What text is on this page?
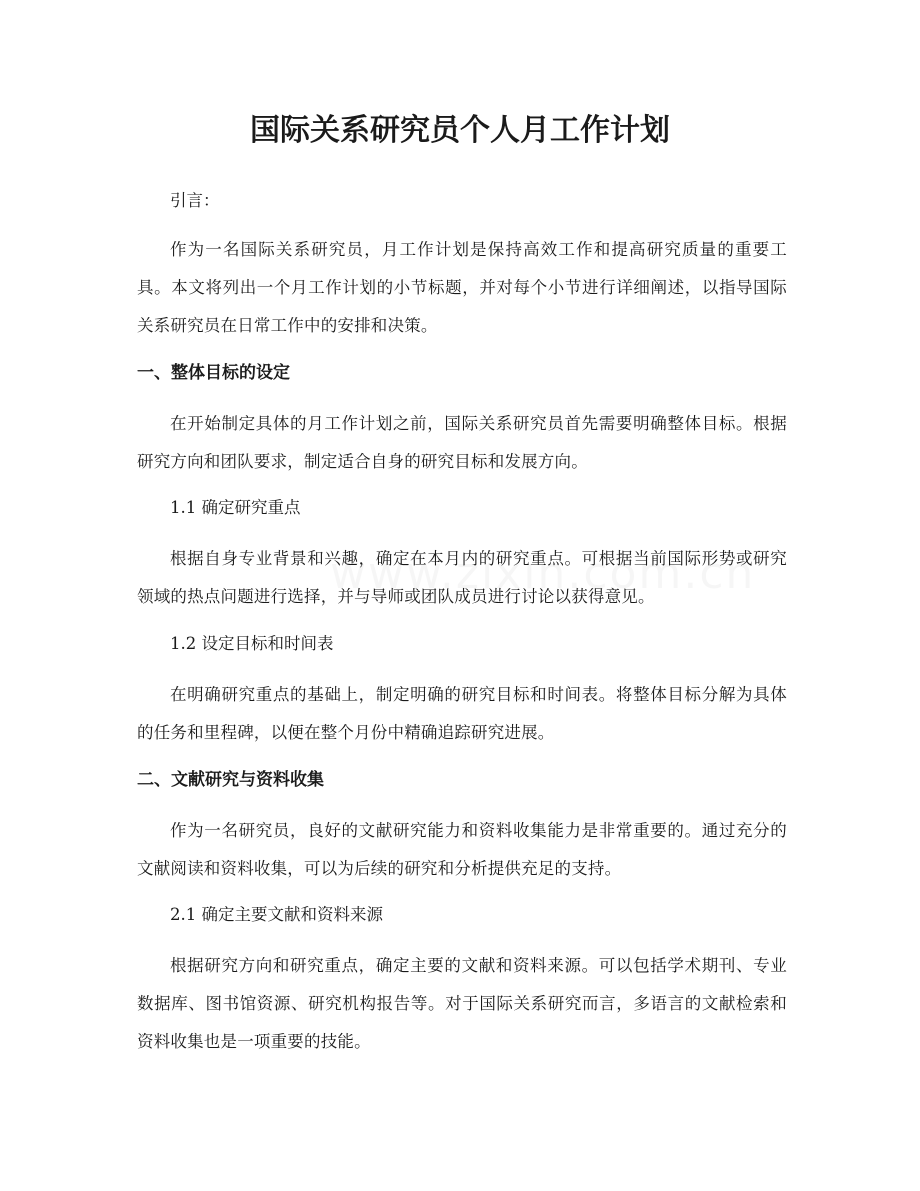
国际关系研究员个人月工作计划

引言：

作为一名国际关系研究员，月工作计划是保持高效工作和提高研究质量的重要工具。本文将列出一个月工作计划的小节标题，并对每个小节进行详细阐述，以指导国际关系研究员在日常工作中的安排和决策。

一、整体目标的设定

在开始制定具体的月工作计划之前，国际关系研究员首先需要明确整体目标。根据研究方向和团队要求，制定适合自身的研究目标和发展方向。

1.1 确定研究重点

根据自身专业背景和兴趣，确定在本月内的研究重点。可根据当前国际形势或研究领域的热点问题进行选择，并与导师或团队成员进行讨论以获得意见。

1.2 设定目标和时间表

在明确研究重点的基础上，制定明确的研究目标和时间表。将整体目标分解为具体的任务和里程碑，以便在整个月份中精确追踪研究进展。

二、文献研究与资料收集

作为一名研究员，良好的文献研究能力和资料收集能力是非常重要的。通过充分的文献阅读和资料收集，可以为后续的研究和分析提供充足的支持。

2.1 确定主要文献和资料来源

根据研究方向和研究重点，确定主要的文献和资料来源。可以包括学术期刊、专业数据库、图书馆资源、研究机构报告等。对于国际关系研究而言，多语言的文献检索和资料收集也是一项重要的技能。
